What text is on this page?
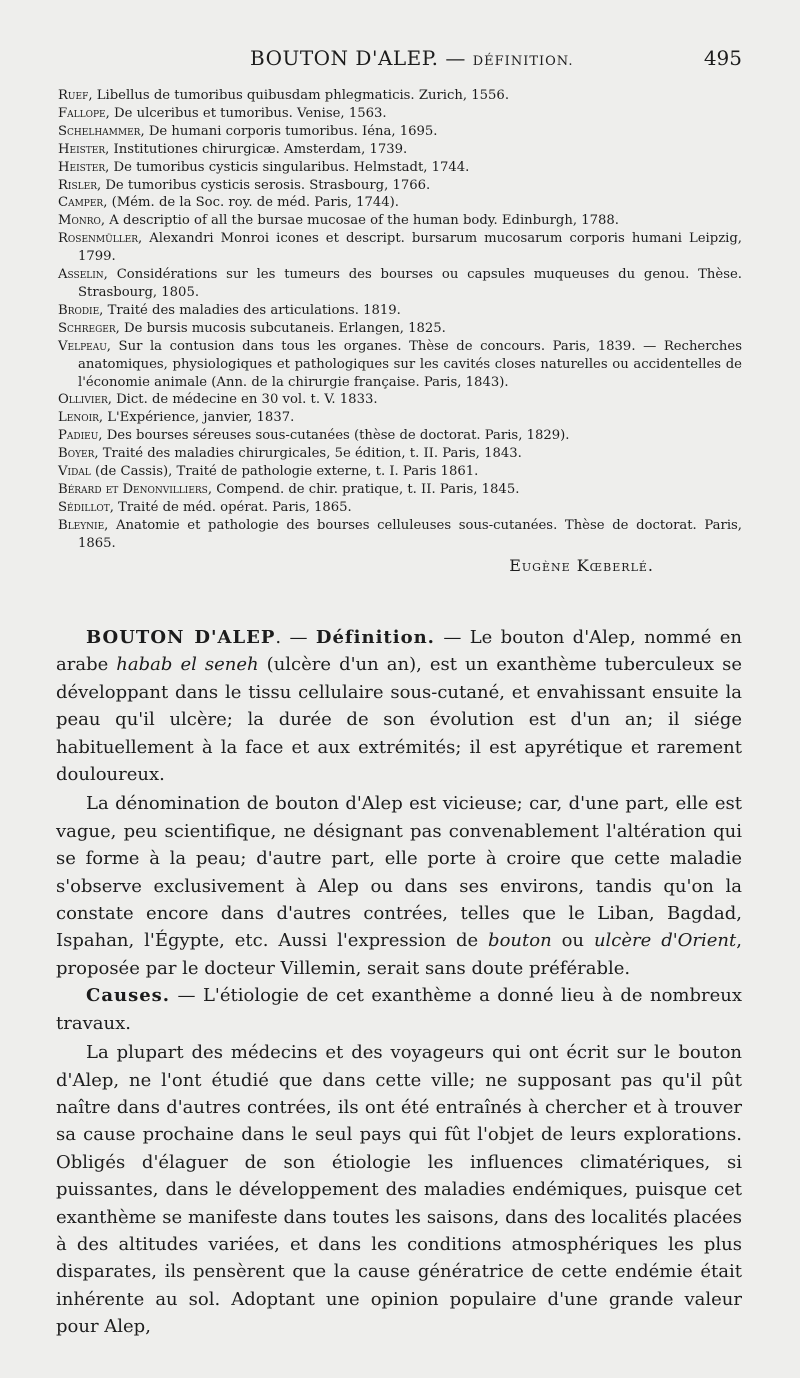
BOUTON D'ALEP. — DÉFINITION.	495
Ruef, Libellus de tumoribus quibusdam phlegmaticis. Zurich, 1556.
Fallope, De ulceribus et tumoribus. Venise, 1563.
Schelhammer, De humani corporis tumoribus. Iéna, 1695.
Heister, Institutiones chirurgicæ. Amsterdam, 1739.
Heister, De tumoribus cysticis singularibus. Helmstadt, 1744.
Risler, De tumoribus cysticis serosis. Strasbourg, 1766.
Camper, (Mém. de la Soc. roy. de méd. Paris, 1744).
Monro, A descriptio of all the bursae mucosae of the human body. Edinburgh, 1788.
Rosenmüller, Alexandri Monroi icones et descript. bursarum mucosarum corporis humani Leipzig, 1799.
Asselin, Considérations sur les tumeurs des bourses ou capsules muqueuses du genou. Thèse. Strasbourg, 1805.
Brodie, Traité des maladies des articulations. 1819.
Schreger, De bursis mucosis subcutaneis. Erlangen, 1825.
Velpeau, Sur la contusion dans tous les organes. Thèse de concours. Paris, 1839. — Recherches anatomiques, physiologiques et pathologiques sur les cavités closes naturelles ou accidentelles de l'économie animale (Ann. de la chirurgie française. Paris, 1843).
Ollivier, Dict. de médecine en 30 vol. t. V. 1833.
Lenoir, L'Expérience, janvier, 1837.
Padieu, Des bourses séreuses sous-cutanées (thèse de doctorat. Paris, 1829).
Boyer, Traité des maladies chirurgicales, 5e édition, t. II. Paris, 1843.
Vidal (de Cassis), Traité de pathologie externe, t. I. Paris 1861.
Bérard et Denonvilliers, Compend. de chir. pratique, t. II. Paris, 1845.
Sédillot, Traité de méd. opérat. Paris, 1865.
Bleynie, Anatomie et pathologie des bourses celluleuses sous-cutanées. Thèse de doctorat. Paris, 1865.
Eugène Kœberlé.

BOUTON D'ALEP. — Définition. — Le bouton d'Alep, nommé en arabe habab el seneh (ulcère d'un an), est un exanthème tuberculeux se développant dans le tissu cellulaire sous-cutané, et envahissant ensuite la peau qu'il ulcère; la durée de son évolution est d'un an; il siége habituellement à la face et aux extrémités; il est apyrétique et rarement douloureux.

La dénomination de bouton d'Alep est vicieuse; car, d'une part, elle est vague, peu scientifique, ne désignant pas convenablement l'altération qui se forme à la peau; d'autre part, elle porte à croire que cette maladie s'observe exclusivement à Alep ou dans ses environs, tandis qu'on la constate encore dans d'autres contrées, telles que le Liban, Bagdad, Ispahan, l'Égypte, etc. Aussi l'expression de bouton ou ulcère d'Orient, proposée par le docteur Villemin, serait sans doute préférable.

Causes. — L'étiologie de cet exanthème a donné lieu à de nombreux travaux.

La plupart des médecins et des voyageurs qui ont écrit sur le bouton d'Alep, ne l'ont étudié que dans cette ville; ne supposant pas qu'il pût naître dans d'autres contrées, ils ont été entraînés à chercher et à trouver sa cause prochaine dans le seul pays qui fût l'objet de leurs explorations. Obligés d'élaguer de son étiologie les influences climatériques, si puissantes, dans le développement des maladies endémiques, puisque cet exanthème se manifeste dans toutes les saisons, dans des localités placées à des altitudes variées, et dans les conditions atmosphériques les plus disparates, ils pensèrent que la cause génératrice de cette endémie était inhérente au sol. Adoptant une opinion populaire d'une grande valeur pour Alep,
